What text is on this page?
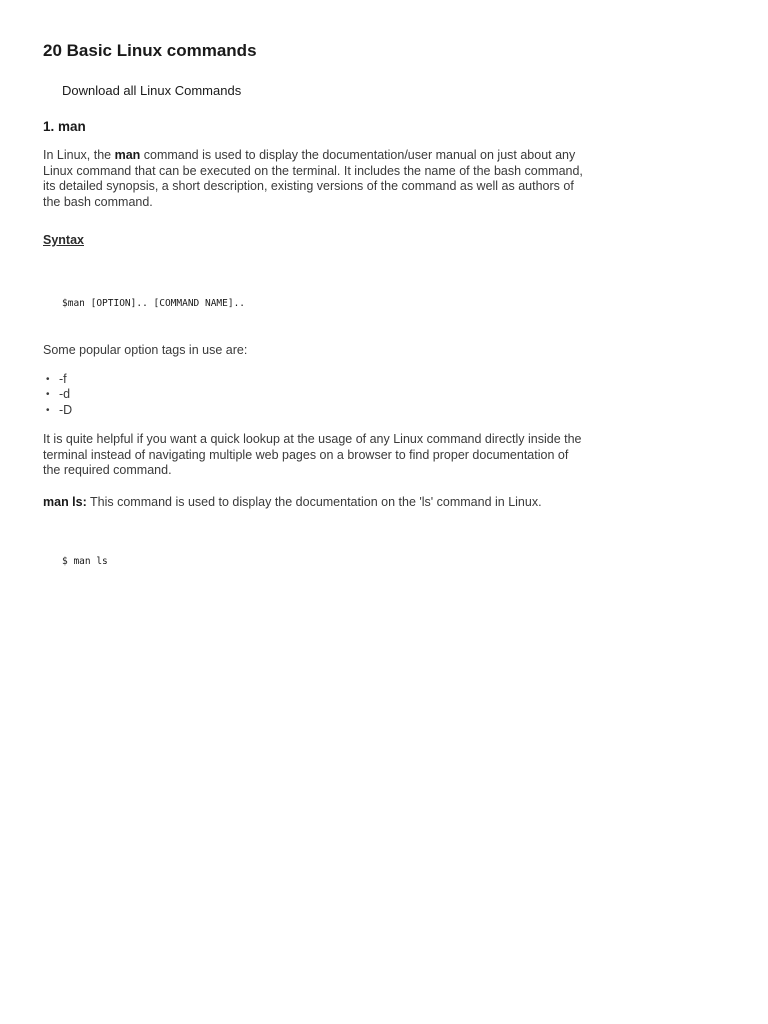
20 Basic Linux commands
Download all Linux Commands
1. man

In Linux, the man command is used to display the documentation/user manual on just about any Linux command that can be executed on the terminal. It includes the name of the bash command, its detailed synopsis, a short description, existing versions of the command as well as authors of the bash command.

Syntax
$man [OPTION].. [COMMAND NAME]..

Some popular option tags in use are:

• -f
• -d
• -D

It is quite helpful if you want a quick lookup at the usage of any Linux command directly inside the terminal instead of navigating multiple web pages on a browser to find proper documentation of the required command.

man ls: This command is used to display the documentation on the 'ls' command in Linux.

$ man ls
